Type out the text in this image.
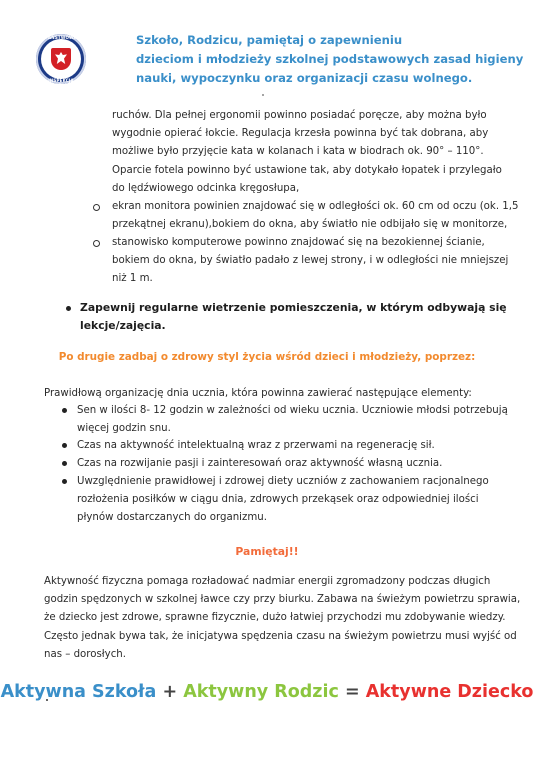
PAŃSTWOWA
INSPEKCJA SANITARNA
Szkoło, Rodzicu, pamiętaj o zapewnieniu
dzieciom i młodzieży szkolnej podstawowych zasad higieny
nauki, wypoczynku oraz organizacji czasu wolnego.
ruchów. Dla pełnej ergonomii powinno posiadać poręcze, aby można było
wygodnie opierać łokcie. Regulacja krzesła powinna być tak dobrana, aby
możliwe było przyjęcie kata w kolanach i kata w biodrach ok. 90° – 110°.
Oparcie fotela powinno być ustawione tak, aby dotykało łopatek i przylegało
do lędźwiowego odcinka kręgosłupa,
ekran monitora powinien znajdować się w odległości ok. 60 cm od oczu (ok. 1,5
przekątnej ekranu),bokiem do okna, aby światło nie odbijało się w monitorze,
stanowisko komputerowe powinno znajdować się na bezokiennej ścianie,
bokiem do okna, by światło padało z lewej strony, i w odległości nie mniejszej
niż 1 m.
Zapewnij regularne wietrzenie pomieszczenia, w którym odbywają się
lekcje/zajęcia.
Po drugie zadbaj o zdrowy styl życia wśród dzieci i młodzieży, poprzez:
Prawidłową organizację dnia ucznia, która powinna zawierać następujące elementy:
Sen w ilości 8- 12 godzin w zależności od wieku ucznia. Uczniowie młodsi potrzebują
więcej godzin snu.
Czas na aktywność intelektualną wraz z przerwami na regenerację sił.
Czas na rozwijanie pasji i zainteresowań oraz aktywność własną ucznia.
Uwzględnienie prawidłowej i zdrowej diety uczniów z zachowaniem racjonalnego
rozłożenia posiłków w ciągu dnia, zdrowych przekąsek oraz odpowiedniej ilości
płynów dostarczanych do organizmu.
Pamiętaj!!
Aktywność fizyczna pomaga rozładować nadmiar energii zgromadzony podczas długich
godzin spędzonych w szkolnej ławce czy przy biurku. Zabawa na świeżym powietrzu sprawia,
że dziecko jest zdrowe, sprawne fizycznie, dużo łatwiej przychodzi mu zdobywanie wiedzy.
Często jednak bywa tak, że inicjatywa spędzenia czasu na świeżym powietrzu musi wyjść od
nas – dorosłych.
Aktywna Szkoła + Aktywny Rodzic = Aktywne Dziecko
